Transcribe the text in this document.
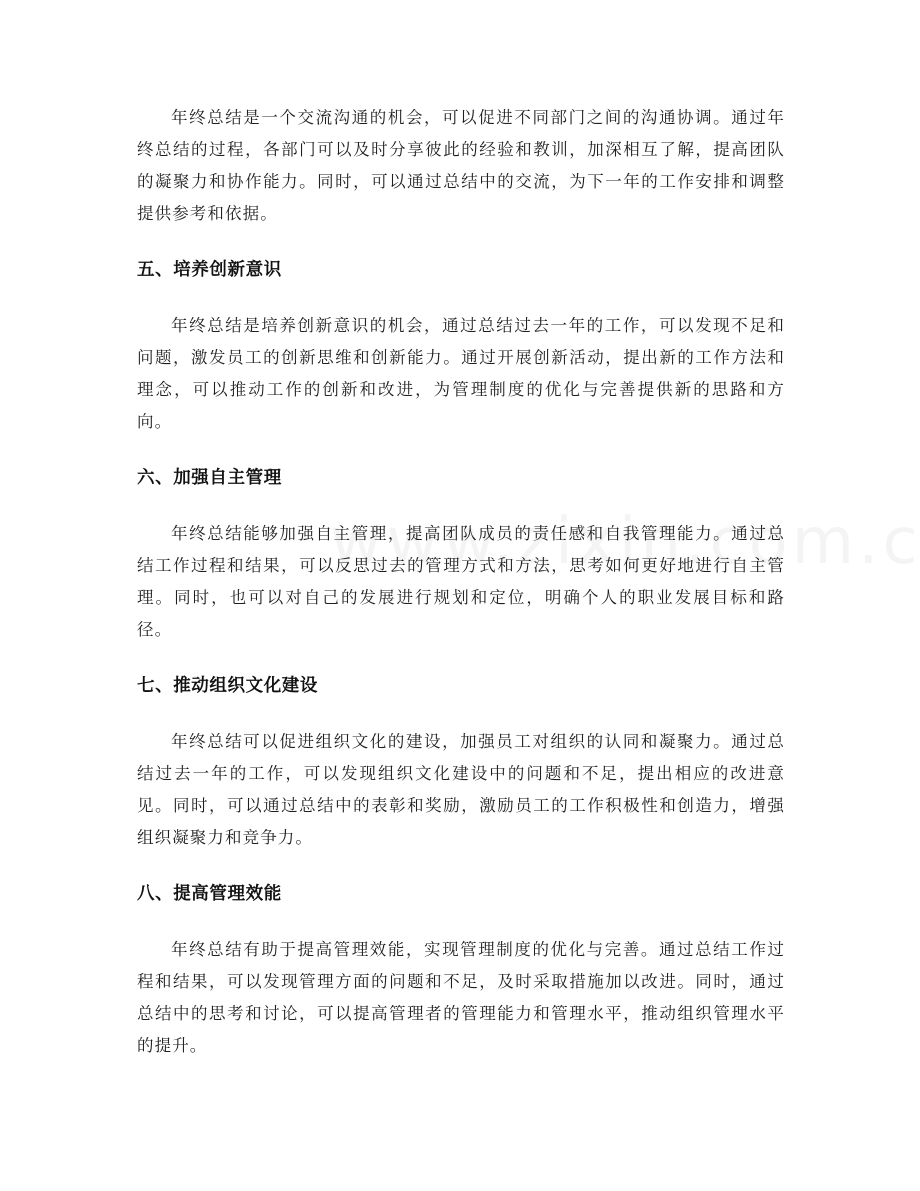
年终总结是一个交流沟通的机会，可以促进不同部门之间的沟通协调。通过年终总结的过程，各部门可以及时分享彼此的经验和教训，加深相互了解，提高团队的凝聚力和协作能力。同时，可以通过总结中的交流，为下一年的工作安排和调整提供参考和依据。

五、培养创新意识

年终总结是培养创新意识的机会，通过总结过去一年的工作，可以发现不足和问题，激发员工的创新思维和创新能力。通过开展创新活动，提出新的工作方法和理念，可以推动工作的创新和改进，为管理制度的优化与完善提供新的思路和方向。

六、加强自主管理

年终总结能够加强自主管理，提高团队成员的责任感和自我管理能力。通过总结工作过程和结果，可以反思过去的管理方式和方法，思考如何更好地进行自主管理。同时，也可以对自己的发展进行规划和定位，明确个人的职业发展目标和路径。

七、推动组织文化建设

年终总结可以促进组织文化的建设，加强员工对组织的认同和凝聚力。通过总结过去一年的工作，可以发现组织文化建设中的问题和不足，提出相应的改进意见。同时，可以通过总结中的表彰和奖励，激励员工的工作积极性和创造力，增强组织凝聚力和竞争力。

八、提高管理效能

年终总结有助于提高管理效能，实现管理制度的优化与完善。通过总结工作过程和结果，可以发现管理方面的问题和不足，及时采取措施加以改进。同时，通过总结中的思考和讨论，可以提高管理者的管理能力和管理水平，推动组织管理水平的提升。
